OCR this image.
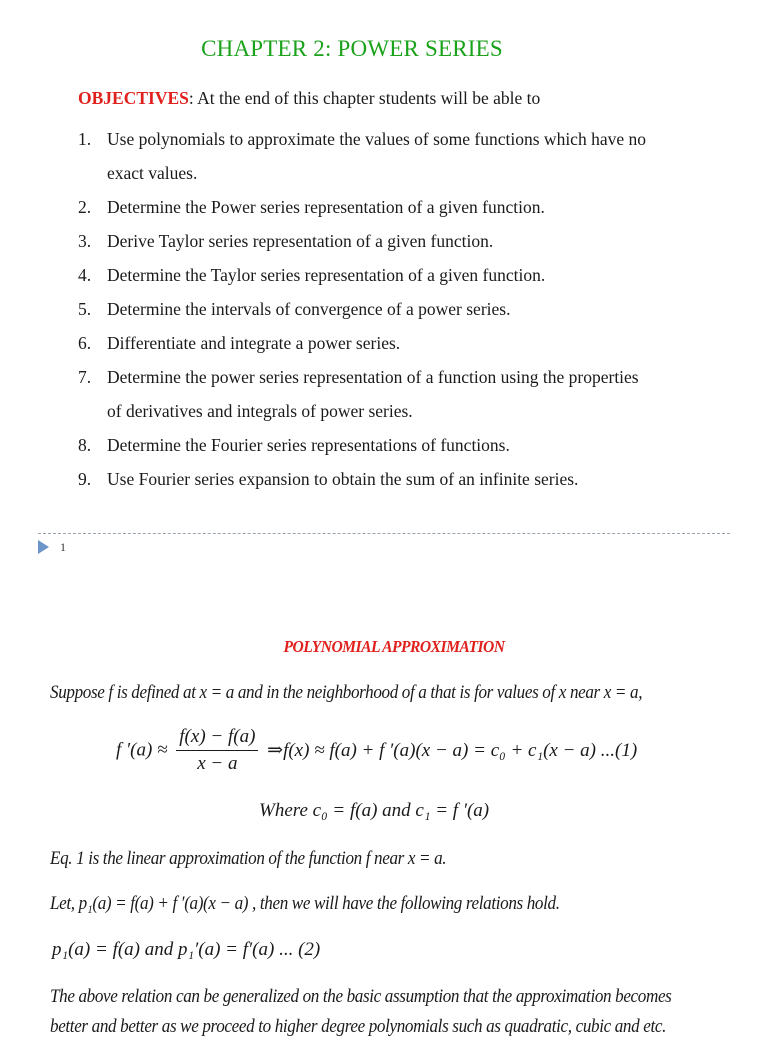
CHAPTER 2: POWER SERIES
OBJECTIVES: At the end of this chapter students will be able to
1. Use polynomials to approximate the values of some functions which have no
exact values.
2. Determine the Power series representation of a given function.
3. Derive Taylor series representation of a given function.
4. Determine the Taylor series representation of a given function.
5. Determine the intervals of convergence of a power series.
6. Differentiate and integrate a power series.
7. Determine the power series representation of a function using the properties
of derivatives and integrals of power series.
8. Determine the Fourier series representations of functions.
9. Use Fourier series expansion to obtain the sum of an infinite series.
1
POLYNOMIAL APPROXIMATION
Suppose f is defined at x = a and in the neighborhood of a that is for values of x near x = a,
f $'(a) \approx \frac{f(x) - f(a)}{x - a}$ ⇒f(x) ≈ f(a) + f ′(a)(x − a) = c₀ + c₁(x − a) ...(1)
Where c₀ = f(a) and c₁ = f ′(a)
Eq. 1 is the linear approximation of the function f near x = a.
Let, p₁(a) = f(a) + f ′(a)(x − a) , then we will have the following relations hold.
p₁(a) = f(a) and p₁′(a) = f′(a) ... (2)
The above relation can be generalized on the basic assumption that the approximation becomes
better and better as we proceed to higher degree polynomials such as quadratic, cubic and etc.
